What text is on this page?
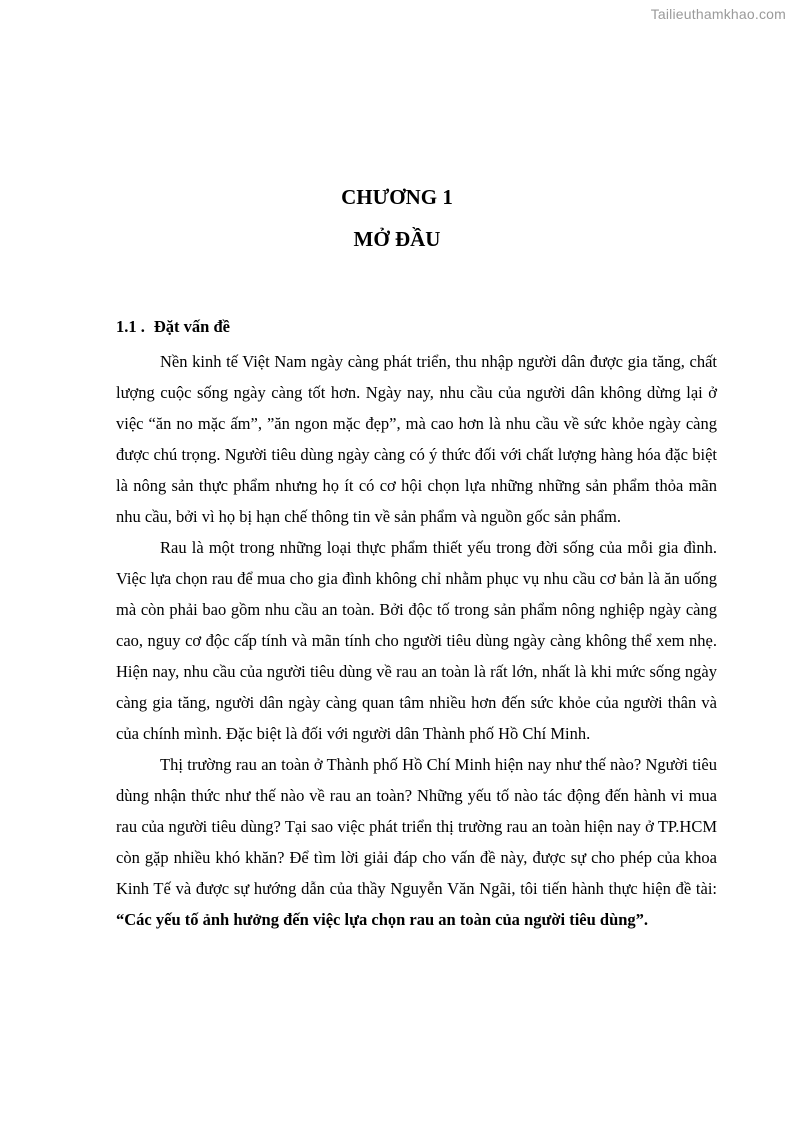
Tailieuthamkhao.com
CHƯƠNG 1
MỞ ĐẦU
1.1 . Đặt vấn đề

Nền kinh tế Việt Nam ngày càng phát triển, thu nhập người dân được gia tăng, chất lượng cuộc sống ngày càng tốt hơn. Ngày nay, nhu cầu của người dân không dừng lại ở việc “ăn no mặc ấm”, ”ăn ngon mặc đẹp”, mà cao hơn là nhu cầu về sức khỏe ngày càng được chú trọng. Người tiêu dùng ngày càng có ý thức đối với chất lượng hàng hóa đặc biệt là nông sản thực phẩm nhưng họ ít có cơ hội chọn lựa những những sản phẩm thỏa mãn nhu cầu, bởi vì họ bị hạn chế thông tin về sản phẩm và nguồn gốc sản phẩm.

Rau là một trong những loại thực phẩm thiết yếu trong đời sống của mỗi gia đình. Việc lựa chọn rau để mua cho gia đình không chỉ nhằm phục vụ nhu cầu cơ bản là ăn uống mà còn phải bao gồm nhu cầu an toàn. Bởi độc tố trong sản phẩm nông nghiệp ngày càng cao, nguy cơ độc cấp tính và mãn tính cho người tiêu dùng ngày càng không thể xem nhẹ. Hiện nay, nhu cầu của người tiêu dùng về rau an toàn là rất lớn, nhất là khi mức sống ngày càng gia tăng, người dân ngày càng quan tâm nhiều hơn đến sức khỏe của người thân và của chính mình. Đặc biệt là đối với người dân Thành phố Hồ Chí Minh.

Thị trường rau an toàn ở Thành phố Hồ Chí Minh hiện nay như thế nào? Người tiêu dùng nhận thức như thế nào về rau an toàn? Những yếu tố nào tác động đến hành vi mua rau của người tiêu dùng? Tại sao việc phát triển thị trường rau an toàn hiện nay ở TP.HCM còn gặp nhiều khó khăn? Để tìm lời giải đáp cho vấn đề này, được sự cho phép của khoa Kinh Tế và được sự hướng dẫn của thầy Nguyễn Văn Ngãi, tôi tiến hành thực hiện đề tài: “Các yếu tố ảnh hưởng đến việc lựa chọn rau an toàn của người tiêu dùng”.
